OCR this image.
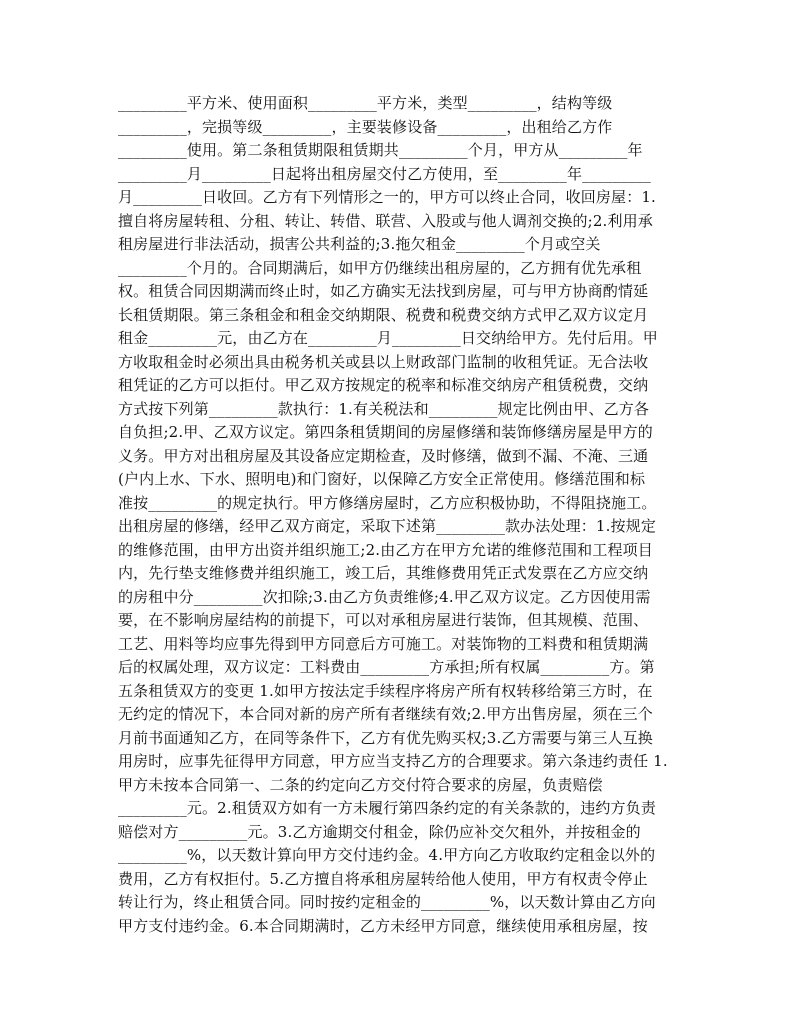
_________平方米、使用面积_________平方米，类型_________，结构等级
_________，完损等级_________，主要装修设备_________，出租给乙方作
_________使用。第二条租赁期限租赁期共_________个月，甲方从_________年
_________月_________日起将出租房屋交付乙方使用，至_________年_________
月_________日收回。乙方有下列情形之一的，甲方可以终止合同，收回房屋：1.
擅自将房屋转租、分租、转让、转借、联营、入股或与他人调剂交换的;2.利用承
租房屋进行非法活动，损害公共利益的;3.拖欠租金_________个月或空关
_________个月的。合同期满后，如甲方仍继续出租房屋的，乙方拥有优先承租
权。租赁合同因期满而终止时，如乙方确实无法找到房屋，可与甲方协商酌情延
长租赁期限。第三条租金和租金交纳期限、税费和税费交纳方式甲乙双方议定月
租金_________元，由乙方在_________月_________日交纳给甲方。先付后用。甲
方收取租金时必须出具由税务机关或县以上财政部门监制的收租凭证。无合法收
租凭证的乙方可以拒付。甲乙双方按规定的税率和标准交纳房产租赁税费，交纳
方式按下列第_________款执行：1.有关税法和_________规定比例由甲、乙方各
自负担;2.甲、乙双方议定。第四条租赁期间的房屋修缮和装饰修缮房屋是甲方的
义务。甲方对出租房屋及其设备应定期检查，及时修缮，做到不漏、不淹、三通
(户内上水、下水、照明电)和门窗好，以保障乙方安全正常使用。修缮范围和标
准按_________的规定执行。甲方修缮房屋时，乙方应积极协助，不得阻挠施工。
出租房屋的修缮，经甲乙双方商定，采取下述第_________款办法处理：1.按规定
的维修范围，由甲方出资并组织施工;2.由乙方在甲方允诺的维修范围和工程项目
内，先行垫支维修费并组织施工，竣工后，其维修费用凭正式发票在乙方应交纳
的房租中分_________次扣除;3.由乙方负责维修;4.甲乙双方议定。乙方因使用需
要，在不影响房屋结构的前提下，可以对承租房屋进行装饰，但其规模、范围、
工艺、用料等均应事先得到甲方同意后方可施工。对装饰物的工料费和租赁期满
后的权属处理，双方议定：工料费由_________方承担;所有权属_________方。第
五条租赁双方的变更 1.如甲方按法定手续程序将房产所有权转移给第三方时，在
无约定的情况下，本合同对新的房产所有者继续有效;2.甲方出售房屋，须在三个
月前书面通知乙方，在同等条件下，乙方有优先购买权;3.乙方需要与第三人互换
用房时，应事先征得甲方同意，甲方应当支持乙方的合理要求。第六条违约责任 1.
甲方未按本合同第一、二条的约定向乙方交付符合要求的房屋，负责赔偿
_________元。2.租赁双方如有一方未履行第四条约定的有关条款的，违约方负责
赔偿对方_________元。3.乙方逾期交付租金，除仍应补交欠租外，并按租金的
_________%，以天数计算向甲方交付违约金。4.甲方向乙方收取约定租金以外的
费用，乙方有权拒付。5.乙方擅自将承租房屋转给他人使用，甲方有权责令停止
转让行为，终止租赁合同。同时按约定租金的_________%，以天数计算由乙方向
甲方支付违约金。6.本合同期满时，乙方未经甲方同意，继续使用承租房屋，按
